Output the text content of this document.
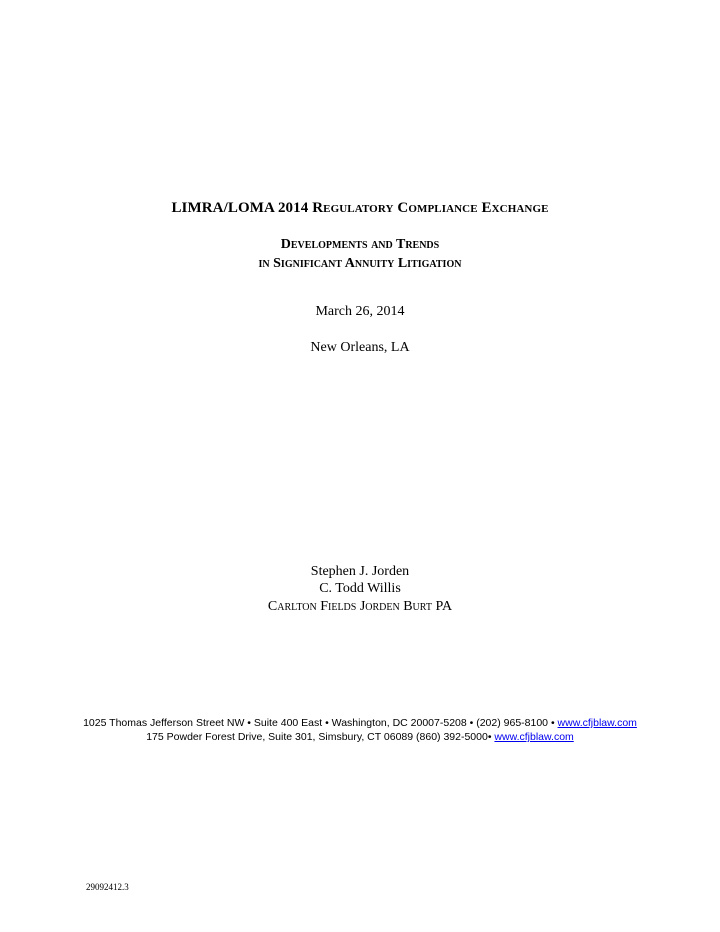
LIMRA/LOMA 2014 Regulatory Compliance Exchange
Developments and Trends
in Significant Annuity Litigation
March 26, 2014
New Orleans, LA
Stephen J. Jorden
C. Todd Willis
Carlton Fields Jorden Burt PA
1025 Thomas Jefferson Street NW • Suite 400 East • Washington, DC 20007-5208 • (202) 965-8100 • www.cfjblaw.com
175 Powder Forest Drive, Suite 301, Simsbury, CT 06089 (860) 392-5000• www.cfjblaw.com
29092412.3
